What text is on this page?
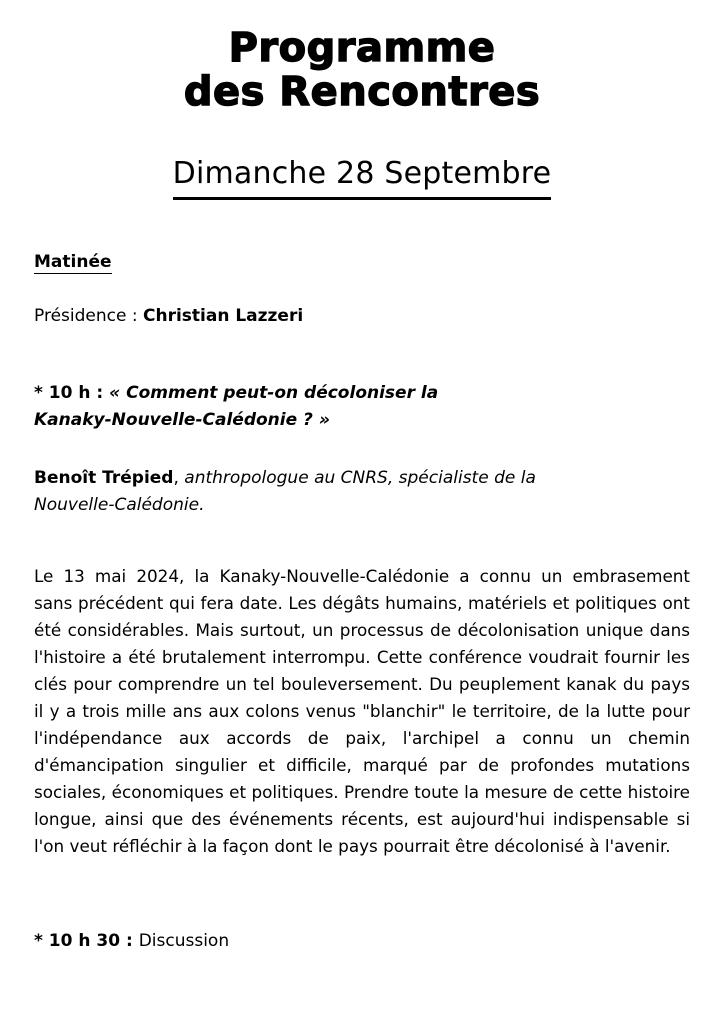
Programme
des Rencontres
Dimanche 28 Septembre
Matinée
Présidence : Christian Lazzeri
* 10 h : « Comment peut-on décoloniser la
Kanaky-Nouvelle-Calédonie ? »
Benoît Trépied, anthropologue au CNRS, spécialiste de la
Nouvelle-Calédonie.
Le 13 mai 2024, la Kanaky-Nouvelle-Calédonie a connu un embrasement sans précédent qui fera date. Les dégâts humains, matériels et politiques ont été considérables. Mais surtout, un processus de décolonisation unique dans l'histoire a été brutalement interrompu. Cette conférence voudrait fournir les clés pour comprendre un tel bouleversement. Du peuplement kanak du pays il y a trois mille ans aux colons venus "blanchir" le territoire, de la lutte pour l'indépendance aux accords de paix, l'archipel a connu un chemin d'émancipation singulier et difficile, marqué par de profondes mutations sociales, économiques et politiques. Prendre toute la mesure de cette histoire longue, ainsi que des événements récents, est aujourd'hui indispensable si l'on veut réfléchir à la façon dont le pays pourrait être décolonisé à l'avenir.
* 10 h 30 : Discussion
